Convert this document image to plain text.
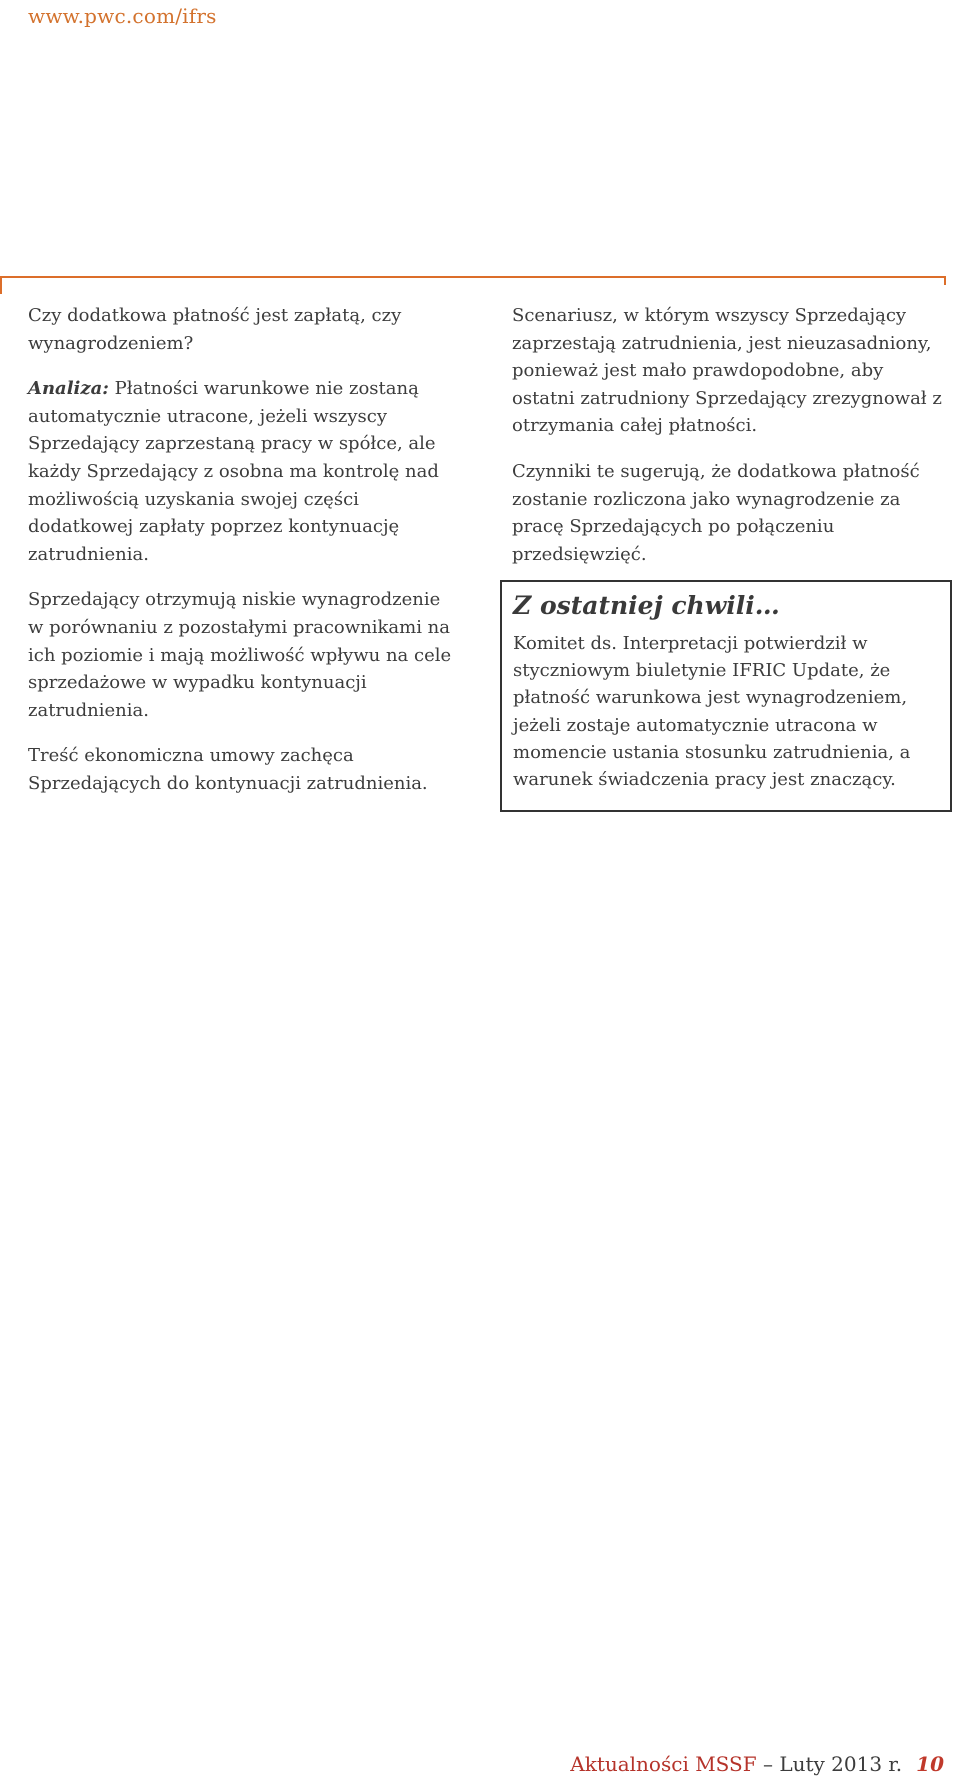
www.pwc.com/ifrs

Czy dodatkowa płatność jest zapłatą, czy wynagrodzeniem?

Analiza: Płatności warunkowe nie zostaną automatycznie utracone, jeżeli wszyscy Sprzedający zaprzestaną pracy w spółce, ale każdy Sprzedający z osobna ma kontrolę nad możliwością uzyskania swojej części dodatkowej zapłaty poprzez kontynuację zatrudnienia.

Sprzedający otrzymują niskie wynagrodzenie w porównaniu z pozostałymi pracownikami na ich poziomie i mają możliwość wpływu na cele sprzedażowe w wypadku kontynuacji zatrudnienia.

Treść ekonomiczna umowy zachęca Sprzedających do kontynuacji zatrudnienia.

Scenariusz, w którym wszyscy Sprzedający zaprzestają zatrudnienia, jest nieuzasadniony, ponieważ jest mało prawdopodobne, aby ostatni zatrudniony Sprzedający zrezygnował z otrzymania całej płatności.

Czynniki te sugerują, że dodatkowa płatność zostanie rozliczona jako wynagrodzenie za pracę Sprzedających po połączeniu przedsięwzięć.

Z ostatniej chwili…

Komitet ds. Interpretacji potwierdził w styczniowym biuletynie IFRIC Update, że płatność warunkowa jest wynagrodzeniem, jeżeli zostaje automatycznie utracona w momencie ustania stosunku zatrudnienia, a warunek świadczenia pracy jest znaczący.

Aktualności MSSF – Luty 2013 r. 10
